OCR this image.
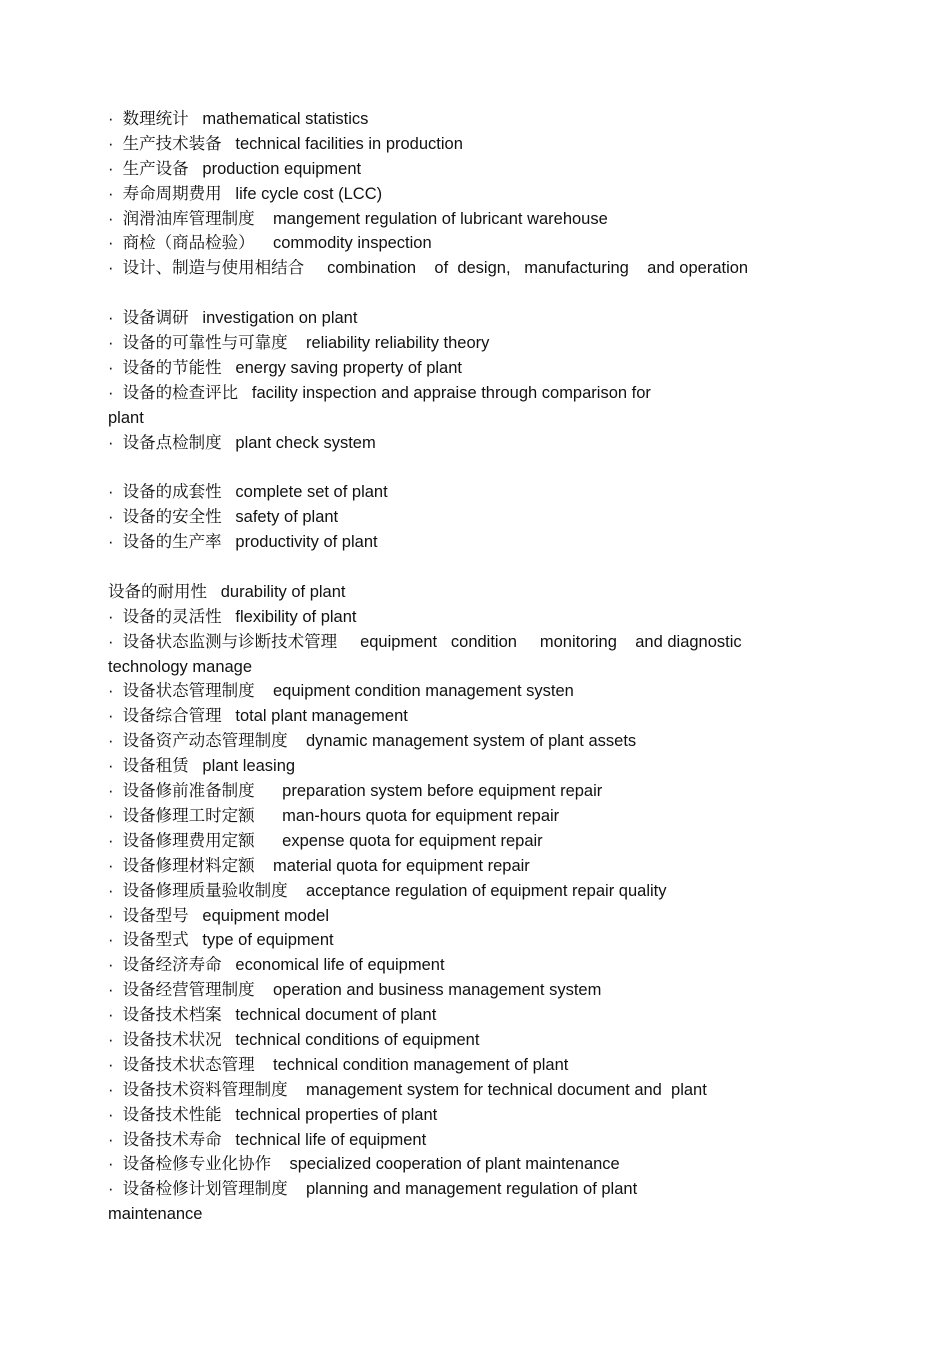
·  数理统计   mathematical statistics
·  生产技术装备   technical facilities in production
·  生产设备   production equipment
·  寿命周期费用   life cycle cost (LCC)
·  润滑油库管理制度    mangement regulation of lubricant warehouse
·  商检（商品检验）    commodity inspection
·  设计、制造与使用相结合     combination    of  design,   manufacturing    and operation
·  设备调研   investigation on plant
·  设备的可靠性与可靠度    reliability reliability theory
·  设备的节能性   energy saving property of plant
·  设备的检查评比   facility inspection and appraise through comparison for
plant
·  设备点检制度   plant check system
·  设备的成套性   complete set of plant
·  设备的安全性   safety of plant
·  设备的生产率   productivity of plant
设备的耐用性   durability of plant
·  设备的灵活性   flexibility of plant
·  设备状态监测与诊断技术管理     equipment   condition     monitoring    and diagnostic
technology manage
·  设备状态管理制度    equipment condition management systen
·  设备综合管理   total plant management
·  设备资产动态管理制度    dynamic management system of plant assets
·  设备租赁   plant leasing
·  设备修前准备制度      preparation system before equipment repair
·  设备修理工时定额      man-hours quota for equipment repair
·  设备修理费用定额      expense quota for equipment repair
·  设备修理材料定额    material quota for equipment repair
·  设备修理质量验收制度    acceptance regulation of equipment repair quality
·  设备型号   equipment model
·  设备型式   type of equipment
·  设备经济寿命   economical life of equipment
·  设备经营管理制度    operation and business management system
·  设备技术档案   technical document of plant
·  设备技术状况   technical conditions of equipment
·  设备技术状态管理    technical condition management of plant
·  设备技术资料管理制度    management system for technical document and  plant
·  设备技术性能   technical properties of plant
·  设备技术寿命   technical life of equipment
·  设备检修专业化协作    specialized cooperation of plant maintenance
·  设备检修计划管理制度    planning and management regulation of plant
maintenance
